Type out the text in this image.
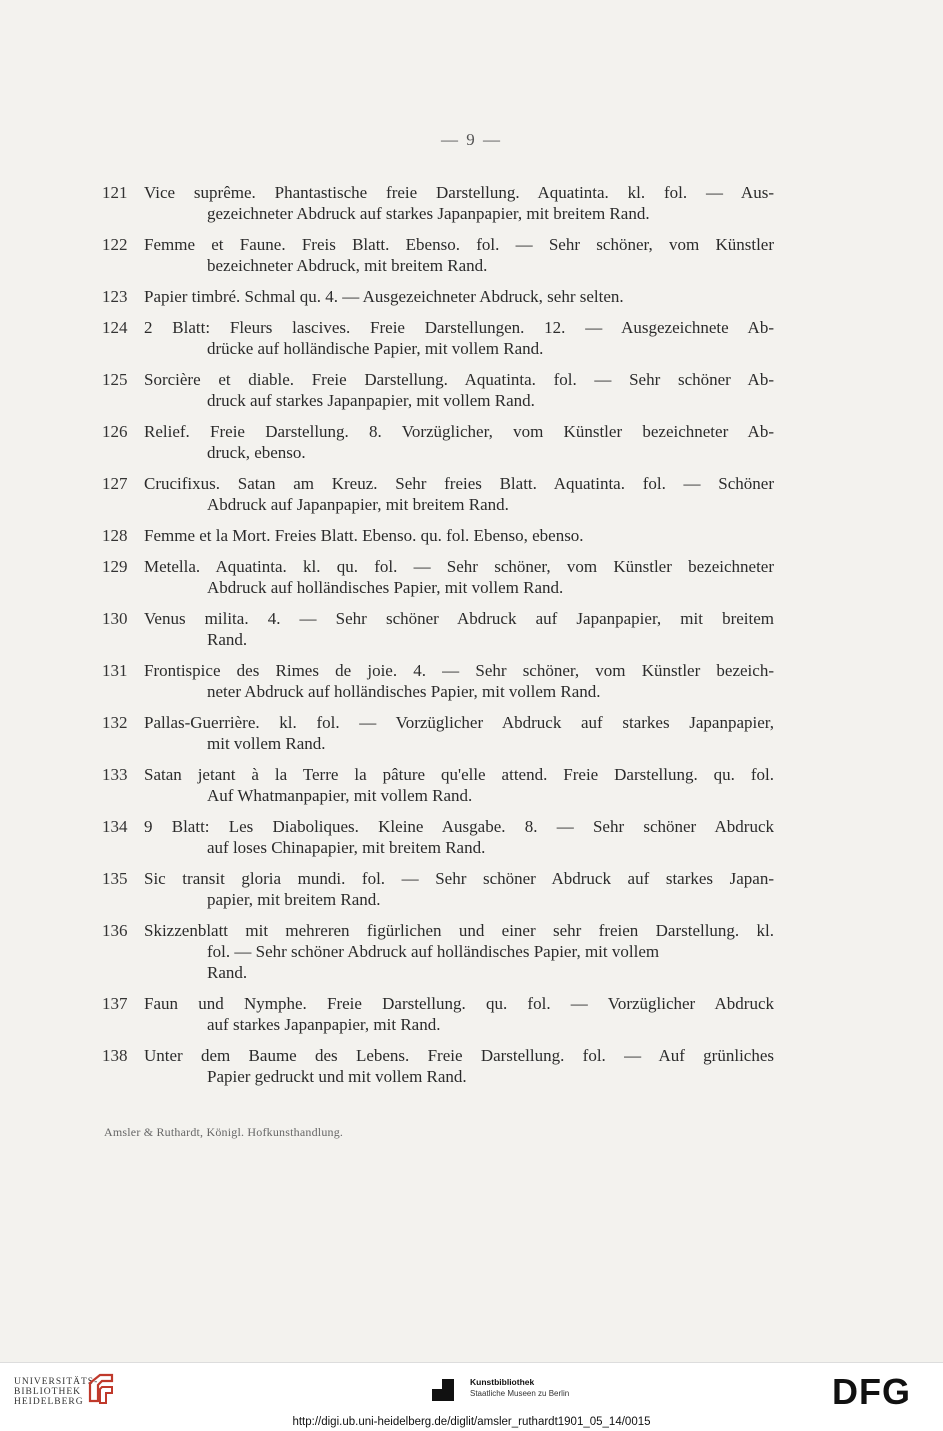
— 9 —
121 Vice suprême. Phantastische freie Darstellung. Aquatinta. kl. fol. — Aus-
gezeichneter Abdruck auf starkes Japanpapier, mit breitem Rand.
122 Femme et Faune. Freis Blatt. Ebenso. fol. — Sehr schöner, vom Künstler
bezeichneter Abdruck, mit breitem Rand.
123 Papier timbré. Schmal qu. 4. — Ausgezeichneter Abdruck, sehr selten.
124 2 Blatt: Fleurs lascives. Freie Darstellungen. 12. — Ausgezeichnete Ab-
drücke auf holländische Papier, mit vollem Rand.
125 Sorcière et diable. Freie Darstellung. Aquatinta. fol. — Sehr schöner Ab-
druck auf starkes Japanpapier, mit vollem Rand.
126 Relief. Freie Darstellung. 8. Vorzüglicher, vom Künstler bezeichneter Ab-
druck, ebenso.
127 Crucifixus. Satan am Kreuz. Sehr freies Blatt. Aquatinta. fol. — Schöner
Abdruck auf Japanpapier, mit breitem Rand.
128 Femme et la Mort. Freies Blatt. Ebenso. qu. fol. Ebenso, ebenso.
129 Metella. Aquatinta. kl. qu. fol. — Sehr schöner, vom Künstler bezeichneter
Abdruck auf holländisches Papier, mit vollem Rand.
130 Venus milita. 4. — Sehr schöner Abdruck auf Japanpapier, mit breitem
Rand.
131 Frontispice des Rimes de joie. 4. — Sehr schöner, vom Künstler bezeich-
neter Abdruck auf holländisches Papier, mit vollem Rand.
132 Pallas-Guerrière. kl. fol. — Vorzüglicher Abdruck auf starkes Japanpapier,
mit vollem Rand.
133 Satan jetant à la Terre la pâture qu'elle attend. Freie Darstellung. qu. fol.
Auf Whatmanpapier, mit vollem Rand.
134 9 Blatt: Les Diaboliques. Kleine Ausgabe. 8. — Sehr schöner Abdruck
auf loses Chinapapier, mit breitem Rand.
135 Sic transit gloria mundi. fol. — Sehr schöner Abdruck auf starkes Japan-
papier, mit breitem Rand.
136 Skizzenblatt mit mehreren figürlichen und einer sehr freien Darstellung. kl.
fol. — Sehr schöner Abdruck auf holländisches Papier, mit vollem
Rand.
137 Faun und Nymphe. Freie Darstellung. qu. fol. — Vorzüglicher Abdruck
auf starkes Japanpapier, mit Rand.
138 Unter dem Baume des Lebens. Freie Darstellung. fol. — Auf grünliches
Papier gedruckt und mit vollem Rand.
Amsler & Ruthardt, Königl. Hofkunsthandlung.
UNIVERSITÄTS-
BIBLIOTHEK
HEIDELBERG
Kunstbibliothek
Staatliche Museen zu Berlin	DFG
http://digi.ub.uni-heidelberg.de/diglit/amsler_ruthardt1901_05_14/0015
